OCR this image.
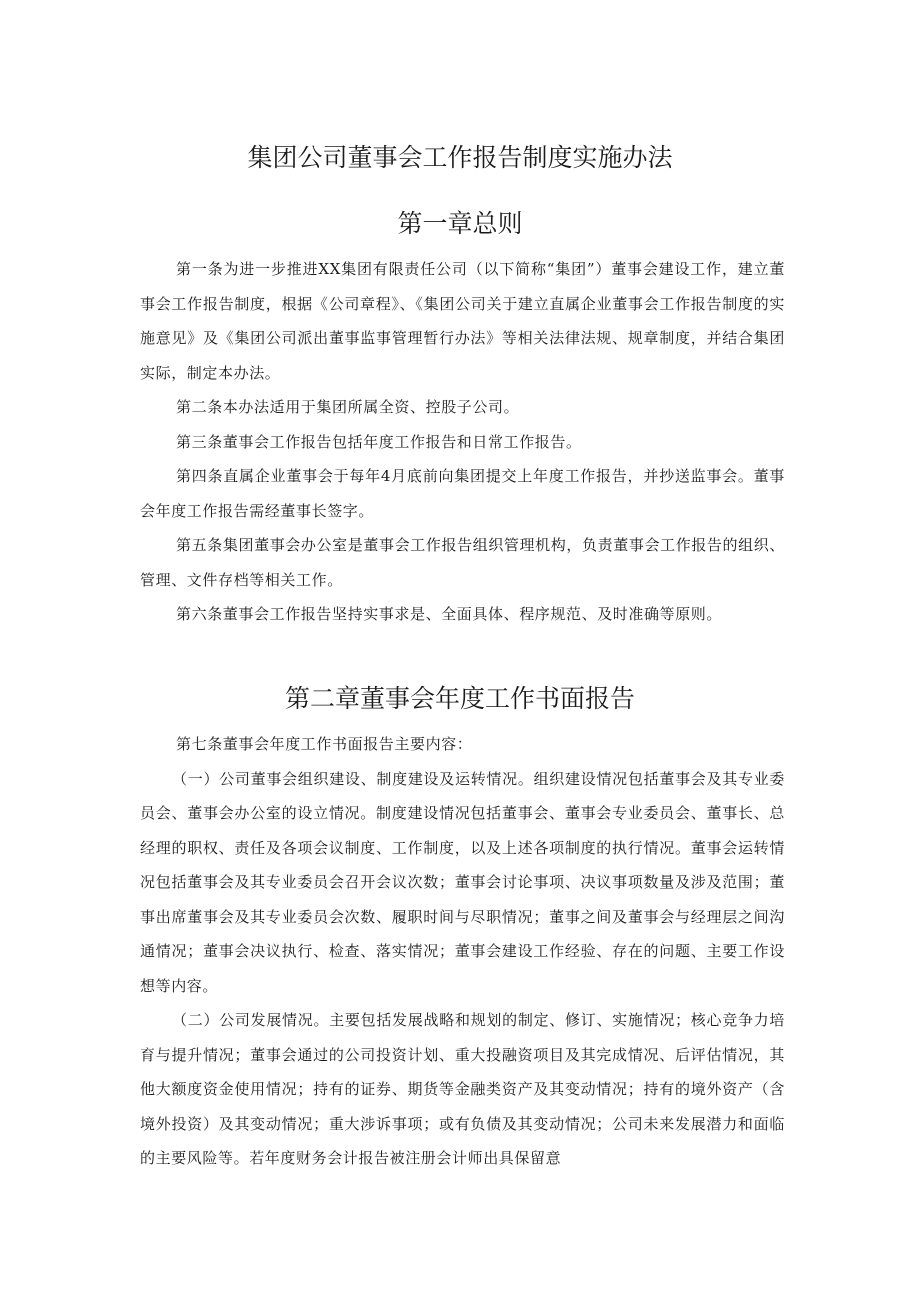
集团公司董事会工作报告制度实施办法
第一章总则

第一条为进一步推进XX集团有限责任公司（以下简称“集团”）董事会建设工作，建立董事会工作报告制度，根据《公司章程》、《集团公司关于建立直属企业董事会工作报告制度的实施意见》及《集团公司派出董事监事管理暂行办法》等相关法律法规、规章制度，并结合集团实际，制定本办法。

第二条本办法适用于集团所属全资、控股子公司。

第三条董事会工作报告包括年度工作报告和日常工作报告。

第四条直属企业董事会于每年4月底前向集团提交上年度工作报告，并抄送监事会。董事会年度工作报告需经董事长签字。

第五条集团董事会办公室是董事会工作报告组织管理机构，负责董事会工作报告的组织、管理、文件存档等相关工作。

第六条董事会工作报告坚持实事求是、全面具体、程序规范、及时准确等原则。

第二章董事会年度工作书面报告

第七条董事会年度工作书面报告主要内容：

（一）公司董事会组织建设、制度建设及运转情况。组织建设情况包括董事会及其专业委员会、董事会办公室的设立情况。制度建设情况包括董事会、董事会专业委员会、董事长、总经理的职权、责任及各项会议制度、工作制度，以及上述各项制度的执行情况。董事会运转情况包括董事会及其专业委员会召开会议次数；董事会讨论事项、决议事项数量及涉及范围；董事出席董事会及其专业委员会次数、履职时间与尽职情况；董事之间及董事会与经理层之间沟通情况；董事会决议执行、检查、落实情况；董事会建设工作经验、存在的问题、主要工作设想等内容。

（二）公司发展情况。主要包括发展战略和规划的制定、修订、实施情况；核心竞争力培育与提升情况；董事会通过的公司投资计划、重大投融资项目及其完成情况、后评估情况，其他大额度资金使用情况；持有的证券、期货等金融类资产及其变动情况；持有的境外资产（含境外投资）及其变动情况；重大涉诉事项；或有负债及其变动情况；公司未来发展潜力和面临的主要风险等。若年度财务会计报告被注册会计师出具保留意
